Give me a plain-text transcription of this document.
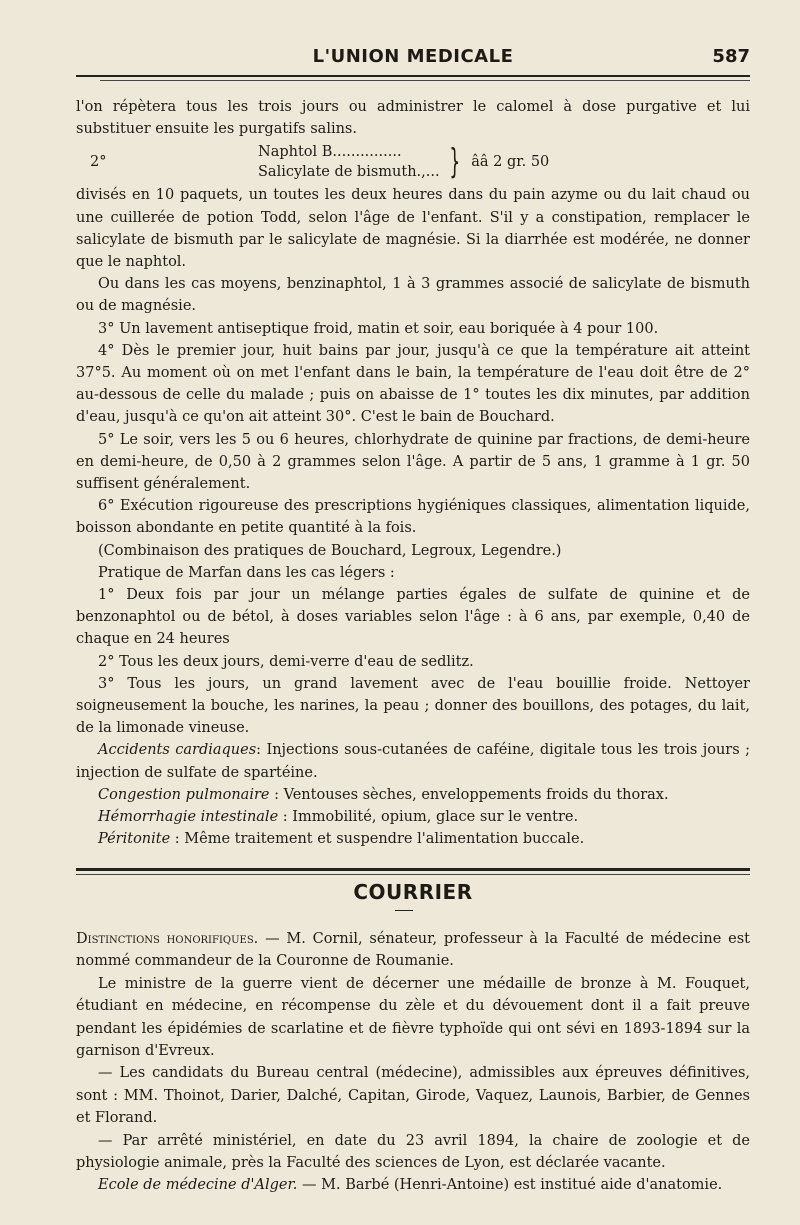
L'UNION MEDICALE	587

l'on répètera tous les trois jours ou administrer le calomel à dose purgative et lui substituer ensuite les purgatifs salins.

2°
Naphtol B...............
Salicylate de bismuth.,... } ââ 2 gr. 50

divisés en 10 paquets, un toutes les deux heures dans du pain azyme ou du lait chaud ou une cuillerée de potion Todd, selon l'âge de l'enfant. S'il y a constipation, remplacer le salicylate de bismuth par le salicylate de magnésie. Si la diarrhée est modérée, ne donner que le naphtol.

Ou dans les cas moyens, benzinaphtol, 1 à 3 grammes associé de salicylate de bismuth ou de magnésie.

3° Un lavement antiseptique froid, matin et soir, eau boriquée à 4 pour 100.

4° Dès le premier jour, huit bains par jour, jusqu'à ce que la température ait atteint 37°5. Au moment où on met l'enfant dans le bain, la température de l'eau doit être de 2° au-dessous de celle du malade ; puis on abaisse de 1° toutes les dix minutes, par addition d'eau, jusqu'à ce qu'on ait atteint 30°. C'est le bain de Bouchard.

5° Le soir, vers les 5 ou 6 heures, chlorhydrate de quinine par fractions, de demi-heure en demi-heure, de 0,50 à 2 grammes selon l'âge. A partir de 5 ans, 1 gramme à 1 gr. 50 suffisent généralement.

6° Exécution rigoureuse des prescriptions hygiéniques classiques, alimentation liquide, boisson abondante en petite quantité à la fois.

(Combinaison des pratiques de Bouchard, Legroux, Legendre.)

Pratique de Marfan dans les cas légers :

1° Deux fois par jour un mélange parties égales de sulfate de quinine et de benzonaphtol ou de bétol, à doses variables selon l'âge : à 6 ans, par exemple, 0,40 de chaque en 24 heures

2° Tous les deux jours, demi-verre d'eau de sedlitz.

3° Tous les jours, un grand lavement avec de l'eau bouillie froide. Nettoyer soigneusement la bouche, les narines, la peau ; donner des bouillons, des potages, du lait, de la limonade vineuse.

Accidents cardiaques: Injections sous-cutanées de caféine, digitale tous les trois jours ; injection de sulfate de spartéine.

Congestion pulmonaire : Ventouses sèches, enveloppements froids du thorax.

Hémorrhagie intestinale : Immobilité, opium, glace sur le ventre.

Péritonite : Même traitement et suspendre l'alimentation buccale.

COURRIER

Distinctions honorifiques. — M. Cornil, sénateur, professeur à la Faculté de médecine est nommé commandeur de la Couronne de Roumanie.

Le ministre de la guerre vient de décerner une médaille de bronze à M. Fouquet, étudiant en médecine, en récompense du zèle et du dévouement dont il a fait preuve pendant les épidémies de scarlatine et de fièvre typhoïde qui ont sévi en 1893-1894 sur la garnison d'Evreux.

— Les candidats du Bureau central (médecine), admissibles aux épreuves définitives, sont : MM. Thoinot, Darier, Dalché, Capitan, Girode, Vaquez, Launois, Barbier, de Gennes et Florand.

— Par arrêté ministériel, en date du 23 avril 1894, la chaire de zoologie et de physiologie animale, près la Faculté des sciences de Lyon, est déclarée vacante.

Ecole de médecine d'Alger. — M. Barbé (Henri-Antoine) est institué aide d'anatomie.
